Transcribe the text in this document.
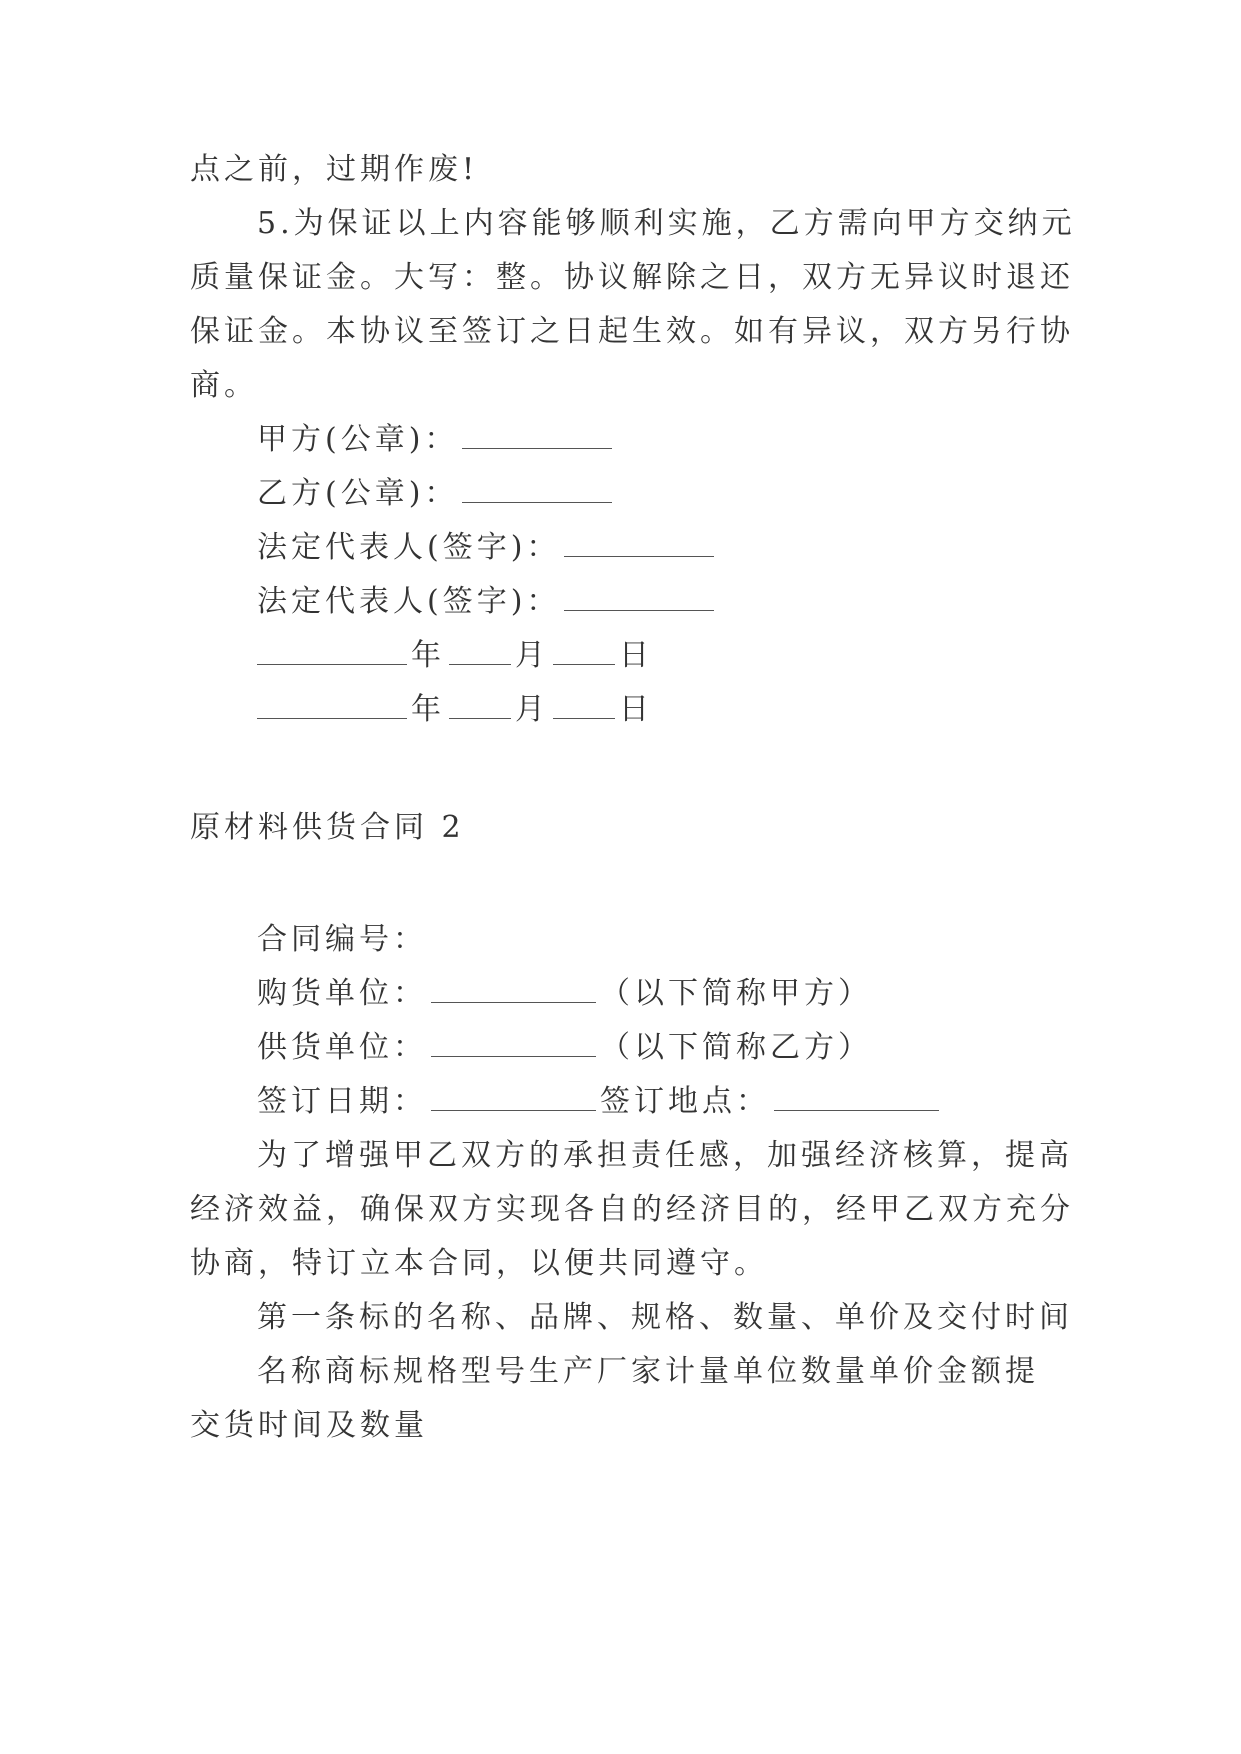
点之前，过期作废!
5.为保证以上内容能够顺利实施，乙方需向甲方交纳元
质量保证金。大写：整。协议解除之日，双方无异议时退还
保证金。本协议至签订之日起生效。如有异议，双方另行协
商。
甲方(公章)：
乙方(公章)：
法定代表人(签字)：
法定代表人(签字)：
年 月 日
年 月 日
原材料供货合同 2
合同编号：
购货单位：	（以下简称甲方）
供货单位：	（以下简称乙方）
签订日期：	签订地点：
为了增强甲乙双方的承担责任感，加强经济核算，提高
经济效益，确保双方实现各自的经济目的，经甲乙双方充分
协商，特订立本合同，以便共同遵守。
第一条标的名称、品牌、规格、数量、单价及交付时间
名称商标规格型号生产厂家计量单位数量单价金额提
交货时间及数量
